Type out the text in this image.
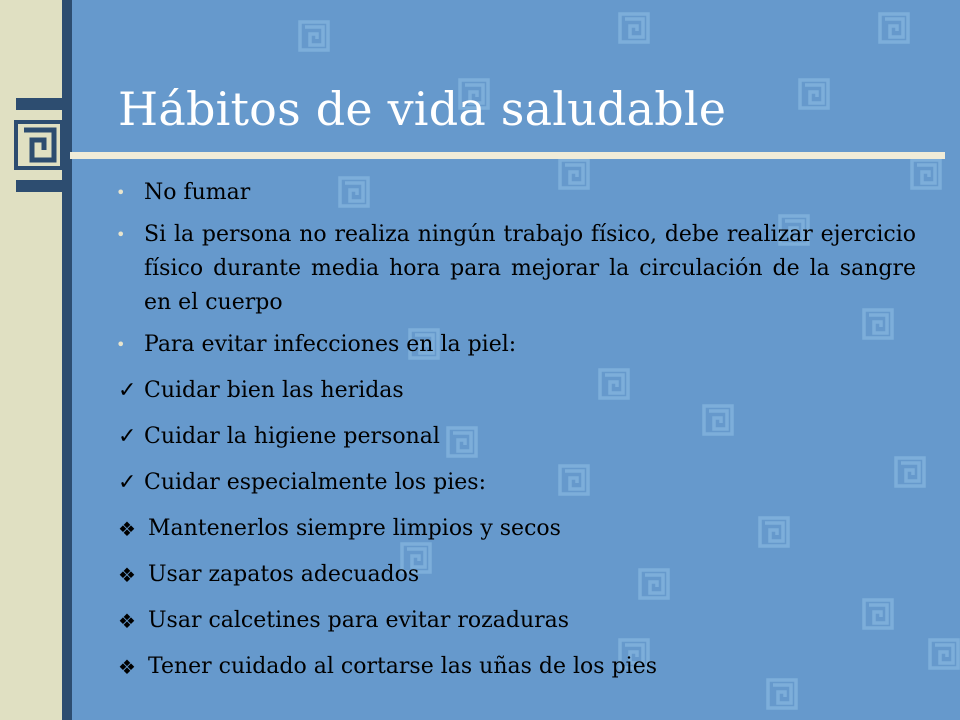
Hábitos de vida saludable
• No fumar
• Si la persona no realiza ningún trabajo físico, debe realizar ejercicio físico durante media hora para mejorar la circulación de la sangre en el cuerpo
• Para evitar infecciones en la piel:
✓ Cuidar bien las heridas
✓ Cuidar la higiene personal
✓ Cuidar especialmente los pies:
❖ Mantenerlos siempre limpios y secos
❖ Usar zapatos adecuados
❖ Usar calcetines para evitar rozaduras
❖ Tener cuidado al cortarse las uñas de los pies
